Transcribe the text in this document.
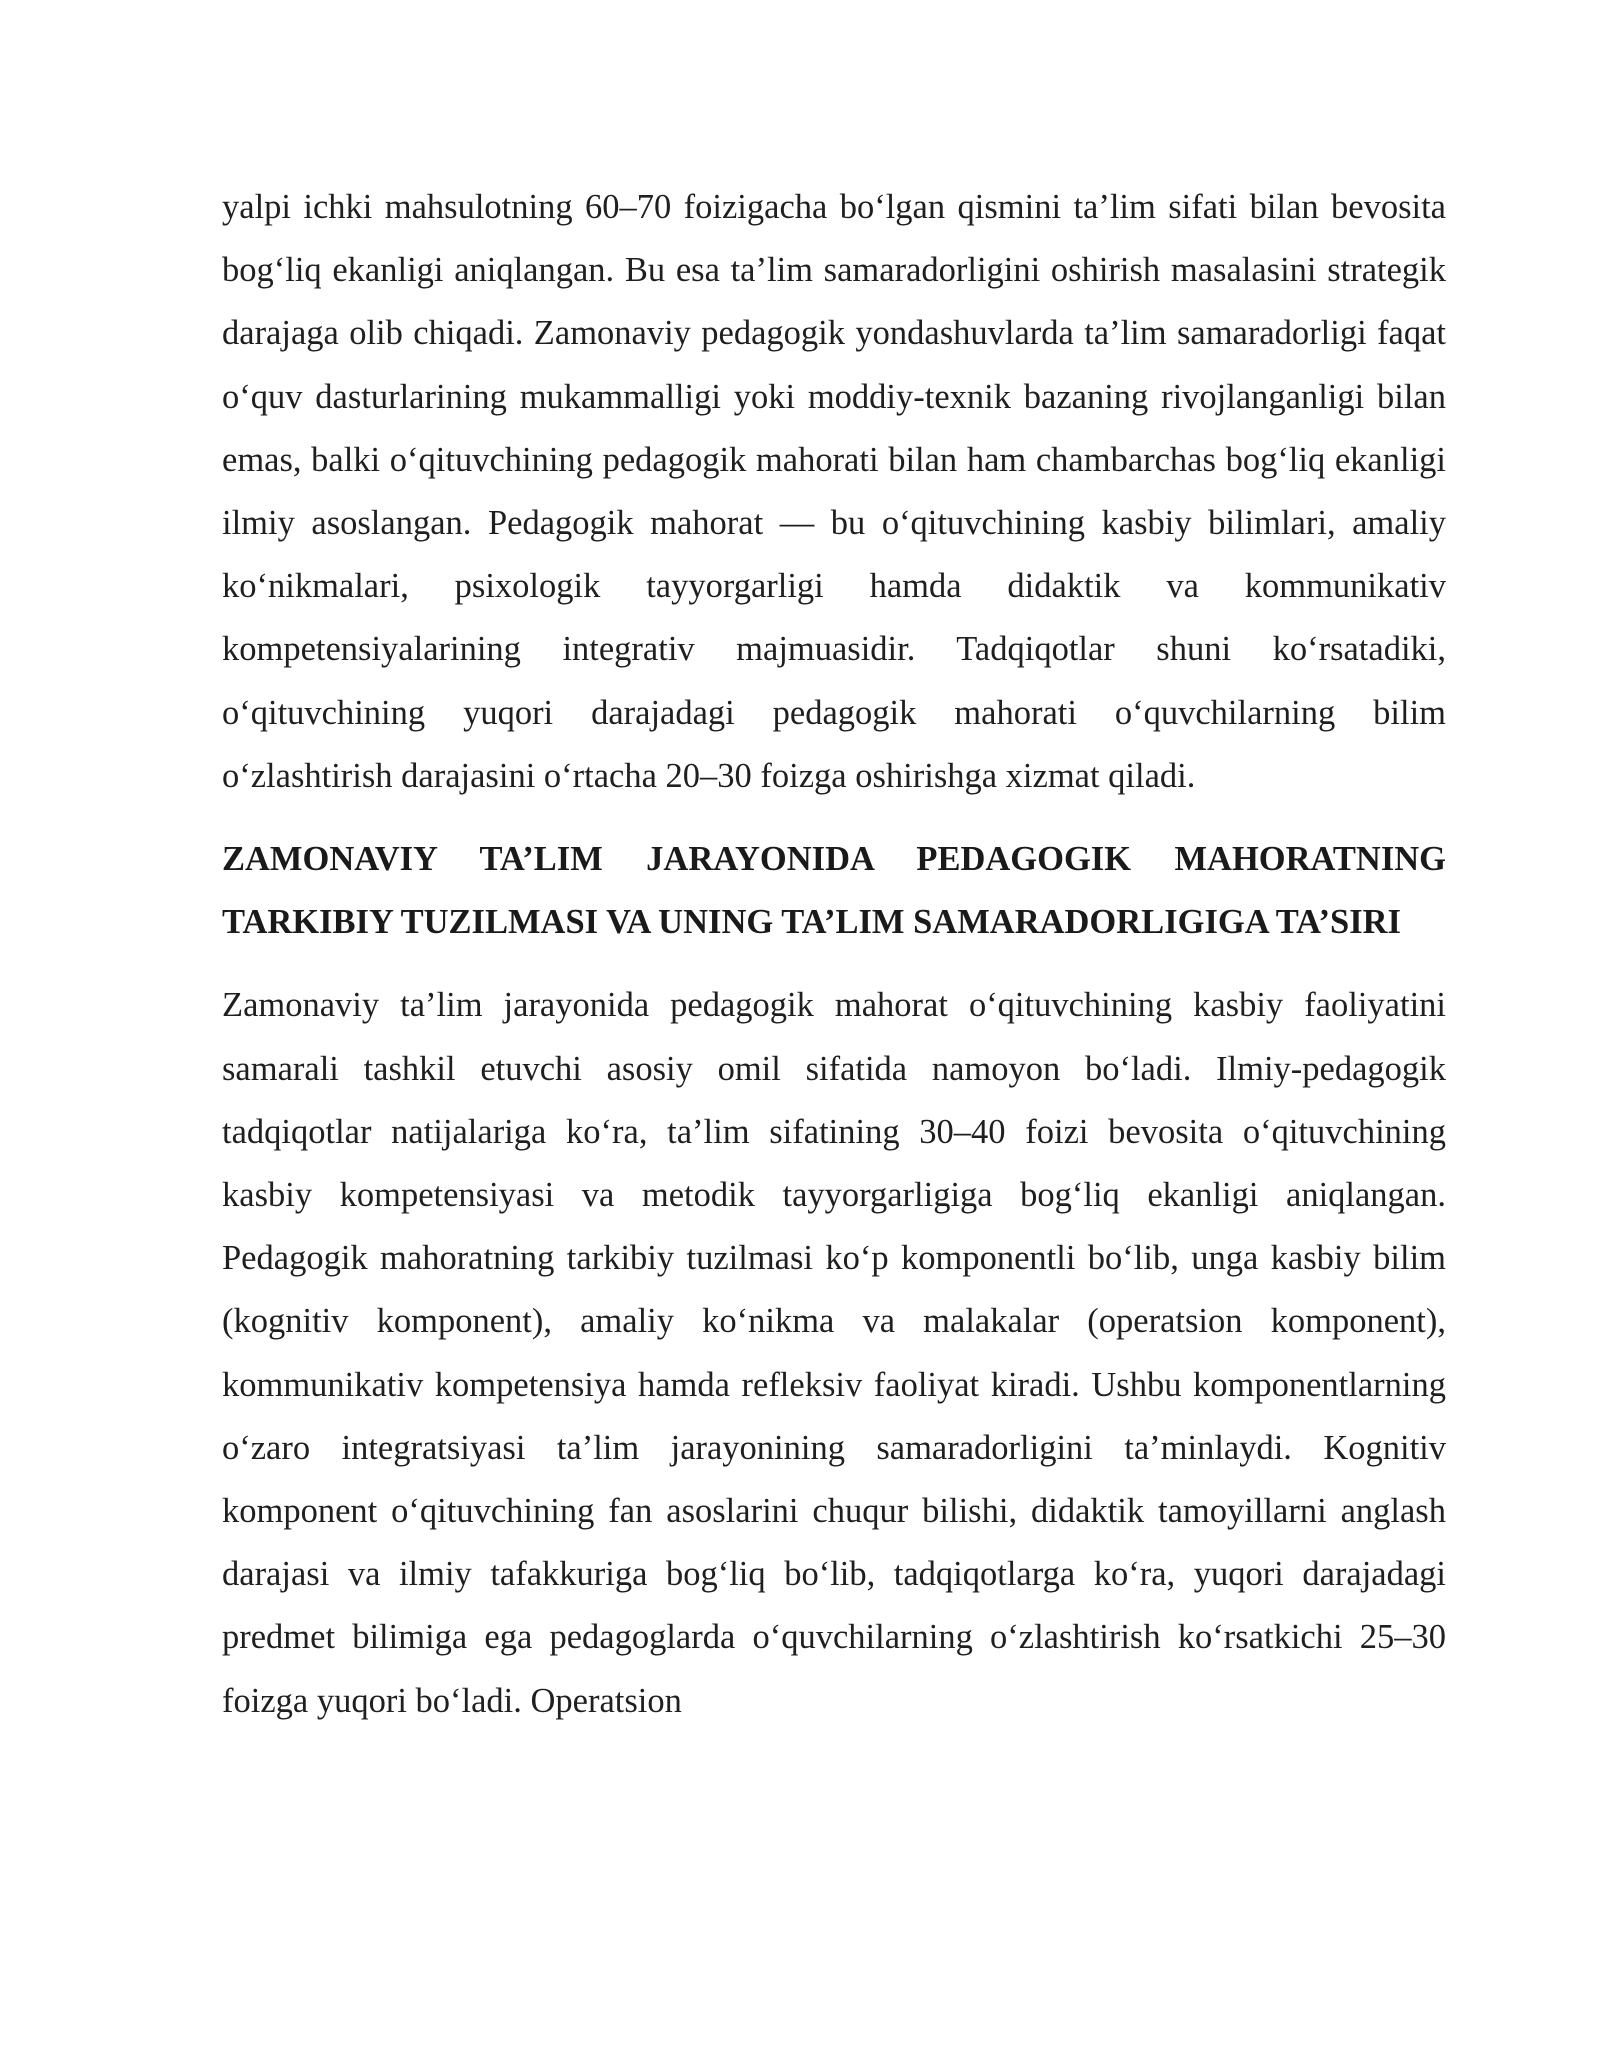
yalpi ichki mahsulotning 60–70 foizigacha bo‘lgan qismini ta’lim sifati bilan bevosita bog‘liq ekanligi aniqlangan. Bu esa ta’lim samaradorligini oshirish masalasini strategik darajaga olib chiqadi. Zamonaviy pedagogik yondashuvlarda ta’lim samaradorligi faqat o‘quv dasturlarining mukammalligi yoki moddiy-texnik bazaning rivojlanganligi bilan emas, balki o‘qituvchining pedagogik mahorati bilan ham chambarchas bog‘liq ekanligi ilmiy asoslangan. Pedagogik mahorat — bu o‘qituvchining kasbiy bilimlari, amaliy ko‘nikmalari, psixologik tayyorgarligi hamda didaktik va kommunikativ kompetensiyalarining integrativ majmuasidir. Tadqiqotlar shuni ko‘rsatadiki, o‘qituvchining yuqori darajadagi pedagogik mahorati o‘quvchilarning bilim o‘zlashtirish darajasini o‘rtacha 20–30 foizga oshirishga xizmat qiladi.

ZAMONAVIY TA’LIM JARAYONIDA PEDAGOGIK MAHORATNING TARKIBIY TUZILMASI VA UNING TA’LIM SAMARADORLIGIGA TA’SIRI

Zamonaviy ta’lim jarayonida pedagogik mahorat o‘qituvchining kasbiy faoliyatini samarali tashkil etuvchi asosiy omil sifatida namoyon bo‘ladi. Ilmiy-pedagogik tadqiqotlar natijalariga ko‘ra, ta’lim sifatining 30–40 foizi bevosita o‘qituvchining kasbiy kompetensiyasi va metodik tayyorgarligiga bog‘liq ekanligi aniqlangan. Pedagogik mahoratning tarkibiy tuzilmasi ko‘p komponentli bo‘lib, unga kasbiy bilim (kognitiv komponent), amaliy ko‘nikma va malakalar (operatsion komponent), kommunikativ kompetensiya hamda refleksiv faoliyat kiradi. Ushbu komponentlarning o‘zaro integratsiyasi ta’lim jarayonining samaradorligini ta’minlaydi. Kognitiv komponent o‘qituvchining fan asoslarini chuqur bilishi, didaktik tamoyillarni anglash darajasi va ilmiy tafakkuriga bog‘liq bo‘lib, tadqiqotlarga ko‘ra, yuqori darajadagi predmet bilimiga ega pedagoglarda o‘quvchilarning o‘zlashtirish ko‘rsatkichi 25–30 foizga yuqori bo‘ladi. Operatsion
